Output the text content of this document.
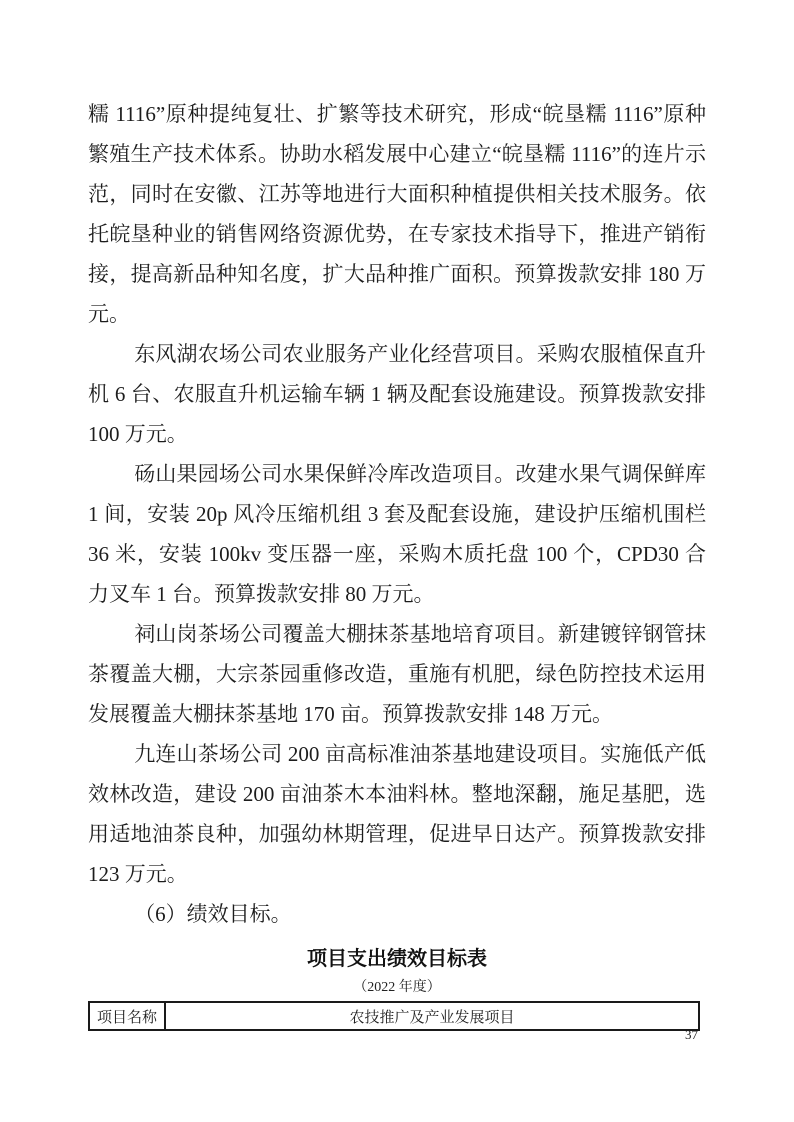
糯 1116”原种提纯复壮、扩繁等技术研究，形成“皖垦糯 1116”原种繁殖生产技术体系。协助水稻发展中心建立“皖垦糯 1116”的连片示范，同时在安徽、江苏等地进行大面积种植提供相关技术服务。依托皖垦种业的销售网络资源优势，在专家技术指导下，推进产销衔接，提高新品种知名度，扩大品种推广面积。预算拨款安排 180 万元。

东风湖农场公司农业服务产业化经营项目。采购农服植保直升机 6 台、农服直升机运输车辆 1 辆及配套设施建设。预算拨款安排 100 万元。

砀山果园场公司水果保鲜冷库改造项目。改建水果气调保鲜库 1 间，安装 20p 风冷压缩机组 3 套及配套设施，建设护压缩机围栏 36 米，安装 100kv 变压器一座，采购木质托盘 100 个，CPD30 合力叉车 1 台。预算拨款安排 80 万元。

祠山岗茶场公司覆盖大棚抹茶基地培育项目。新建镀锌钢管抹茶覆盖大棚，大宗茶园重修改造，重施有机肥，绿色防控技术运用发展覆盖大棚抹茶基地 170 亩。预算拨款安排 148 万元。

九连山茶场公司 200 亩高标准油茶基地建设项目。实施低产低效林改造，建设 200 亩油茶木本油料林。整地深翻，施足基肥，选用适地油茶良种，加强幼林期管理，促进早日达产。预算拨款安排 123 万元。

（6）绩效目标。

项目支出绩效目标表
（2022 年度）
项目名称	农技推广及产业发展项目
37
